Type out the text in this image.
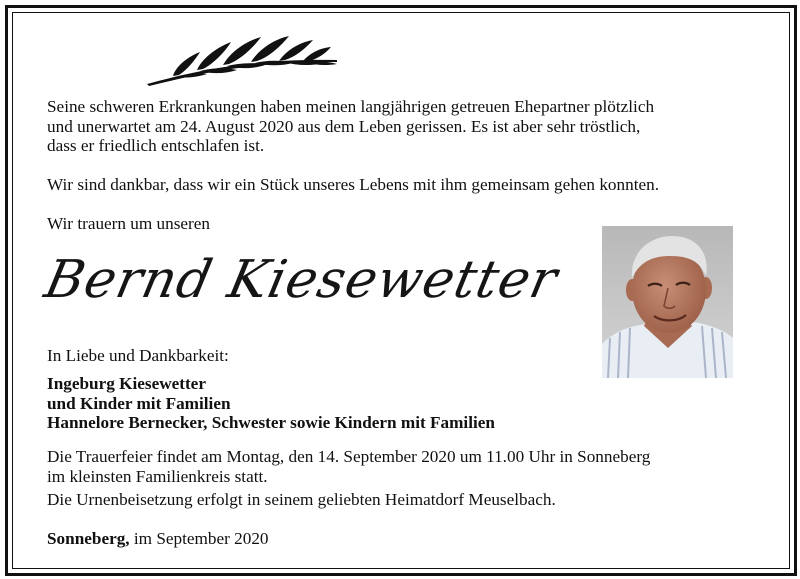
Seine schweren Erkrankungen haben meinen langjährigen getreuen Ehepartner plötzlich

und unerwartet am 24. August 2020 aus dem Leben gerissen. Es ist aber sehr tröstlich,

dass er friedlich entschlafen ist.

Wir sind dankbar, dass wir ein Stück unseres Lebens mit ihm gemeinsam gehen konnten.

Wir trauern um unseren

Bernd Kiesewetter

In Liebe und Dankbarkeit:

Ingeburg Kiesewetter

und Kinder mit Familien

Hannelore Bernecker, Schwester sowie Kindern mit Familien

Die Trauerfeier findet am Montag, den 14. September 2020 um 11.00 Uhr in Sonneberg

im kleinsten Familienkreis statt.

Die Urnenbeisetzung erfolgt in seinem geliebten Heimatdorf Meuselbach.

Sonneberg, im September 2020
